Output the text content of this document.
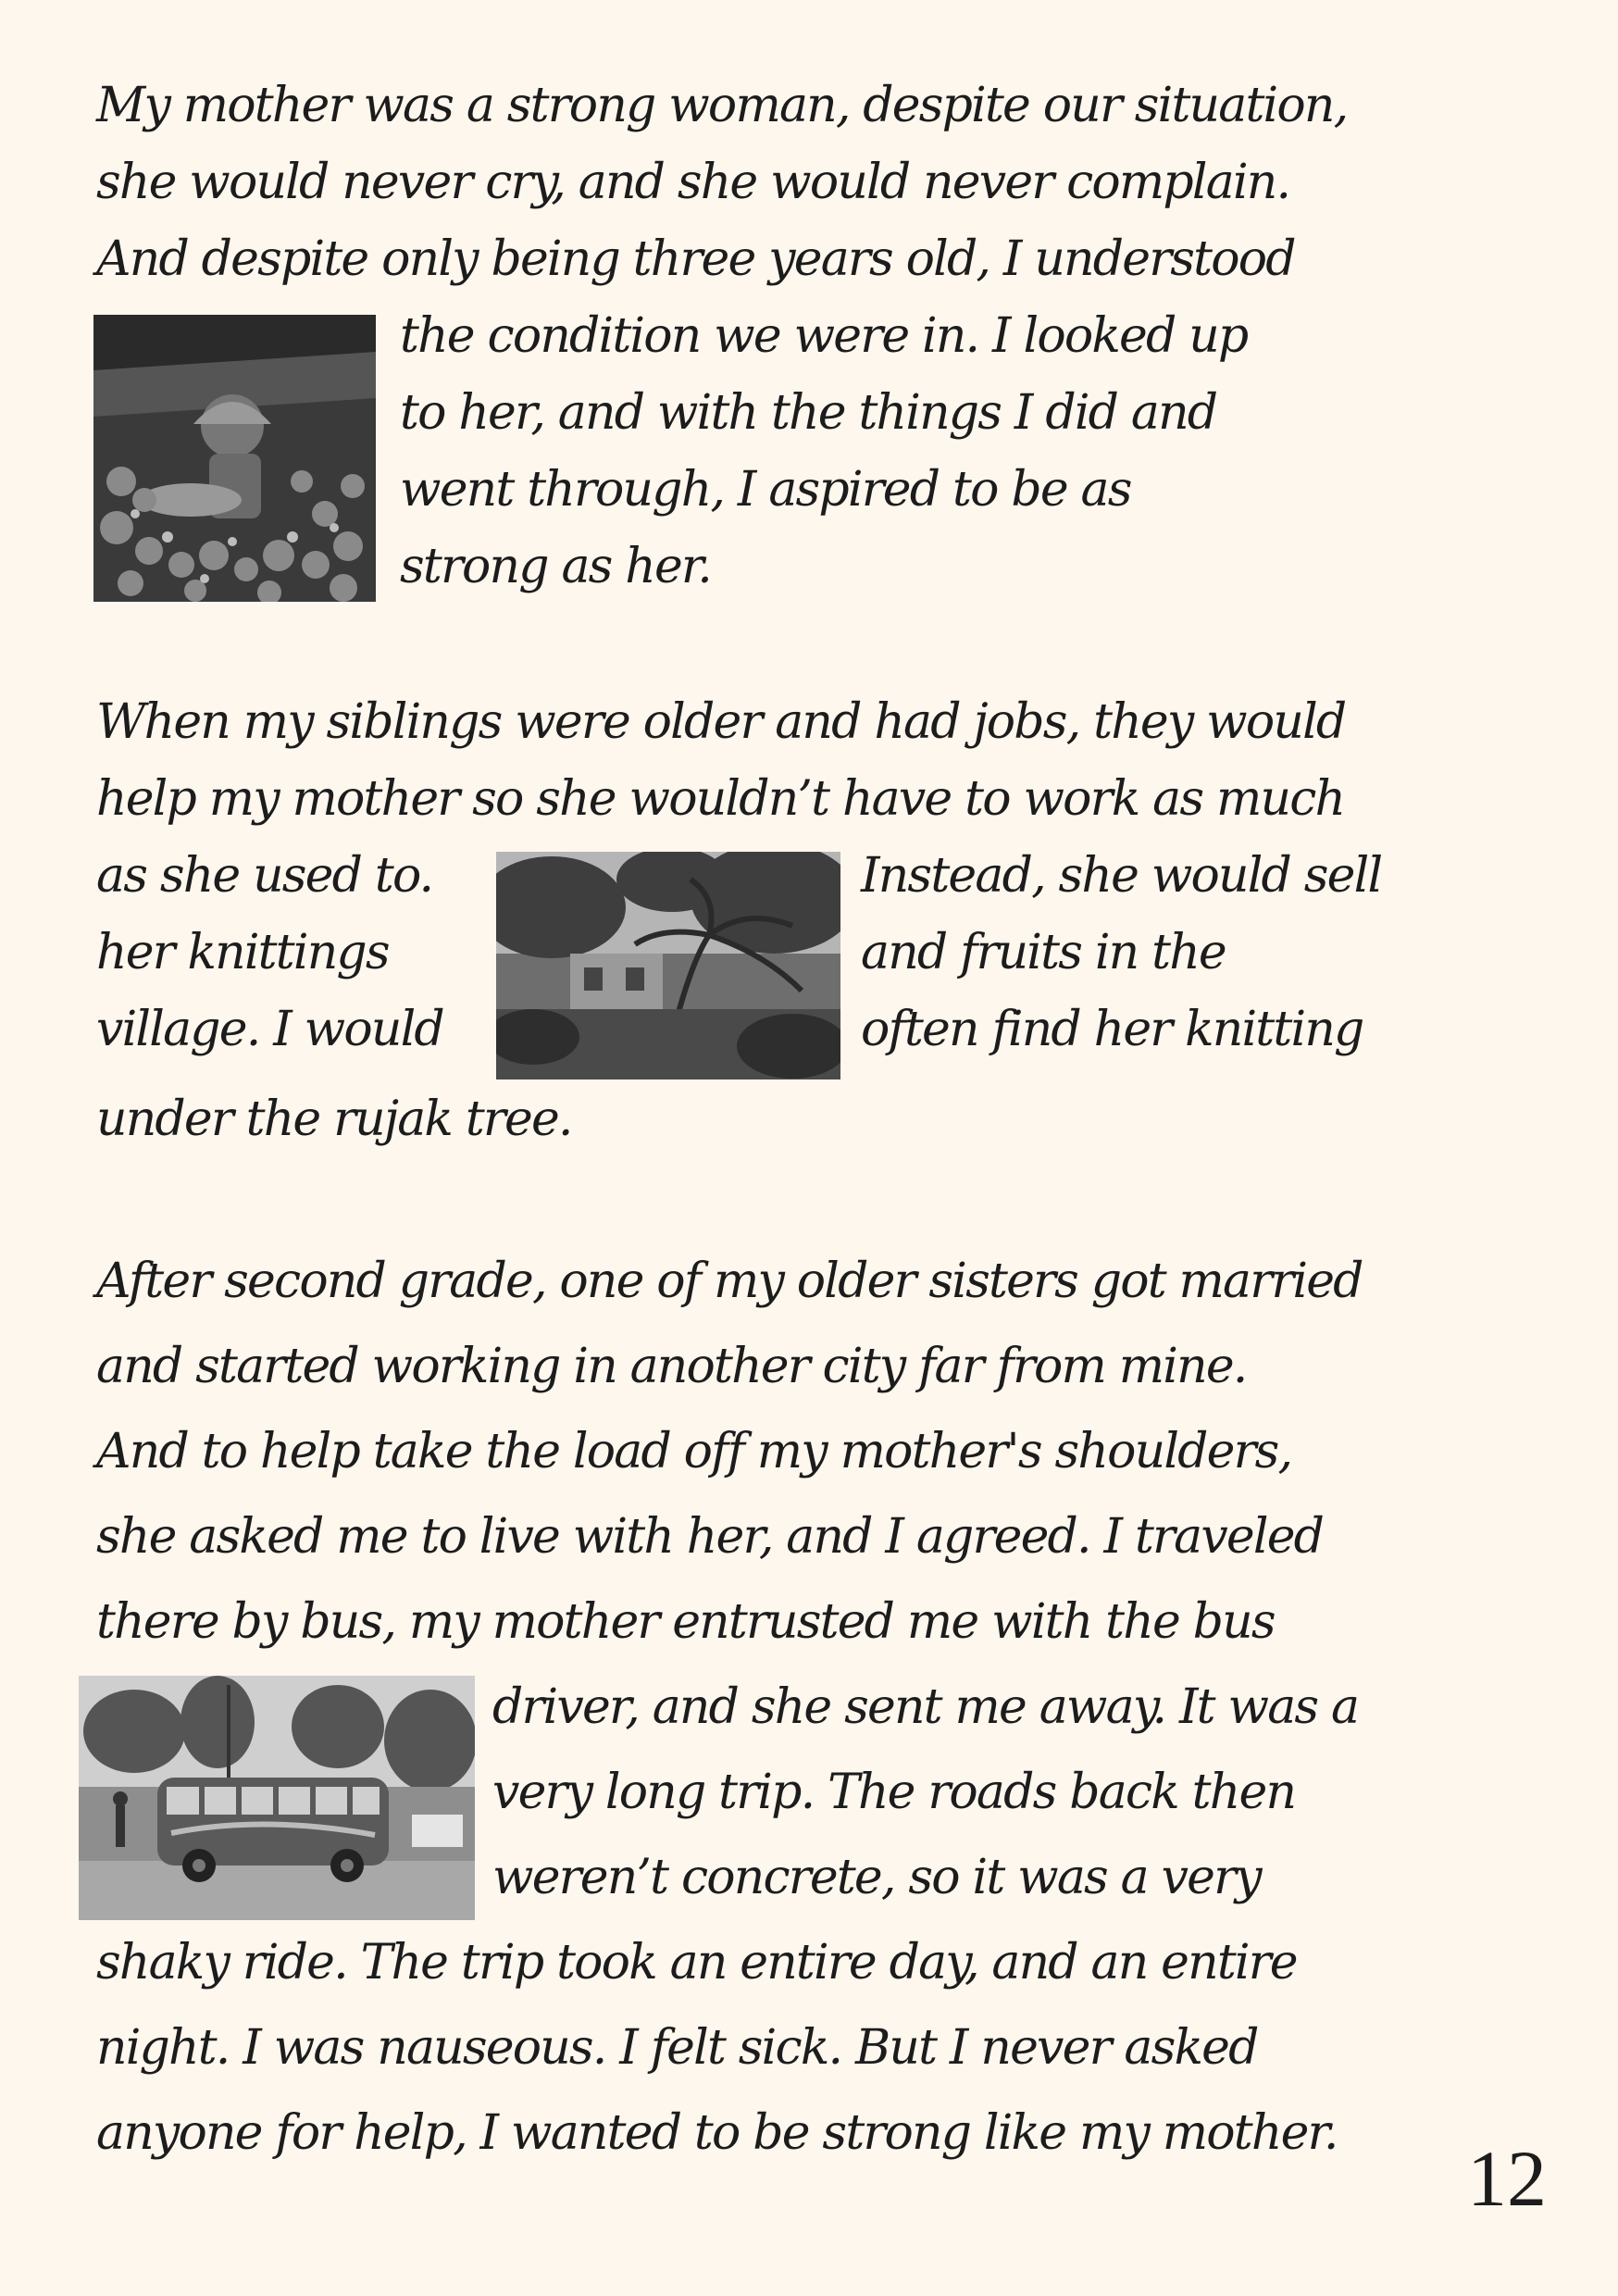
My mother was a strong woman, despite our situation,

she would never cry, and she would never complain.

And despite only being three years old, I understood

the condition we were in. I looked up

to her, and with the things I did and

went through, I aspired to be as

strong as her.

When my siblings were older and had jobs, they would

help my mother so she wouldn’t have to work as much

as she used to.	Instead, she would sell

her knittings	and fruits in the

village. I would	often find her knitting

under the rujak tree.

After second grade, one of my older sisters got married

and started working in another city far from mine.

And to help take the load off my mother's shoulders,

she asked me to live with her, and I agreed. I traveled

there by bus, my mother entrusted me with the bus

driver, and she sent me away. It was a

very long trip. The roads back then

weren’t concrete, so it was a very

shaky ride. The trip took an entire day, and an entire

night. I was nauseous. I felt sick. But I never asked

anyone for help, I wanted to be strong like my mother.

12
